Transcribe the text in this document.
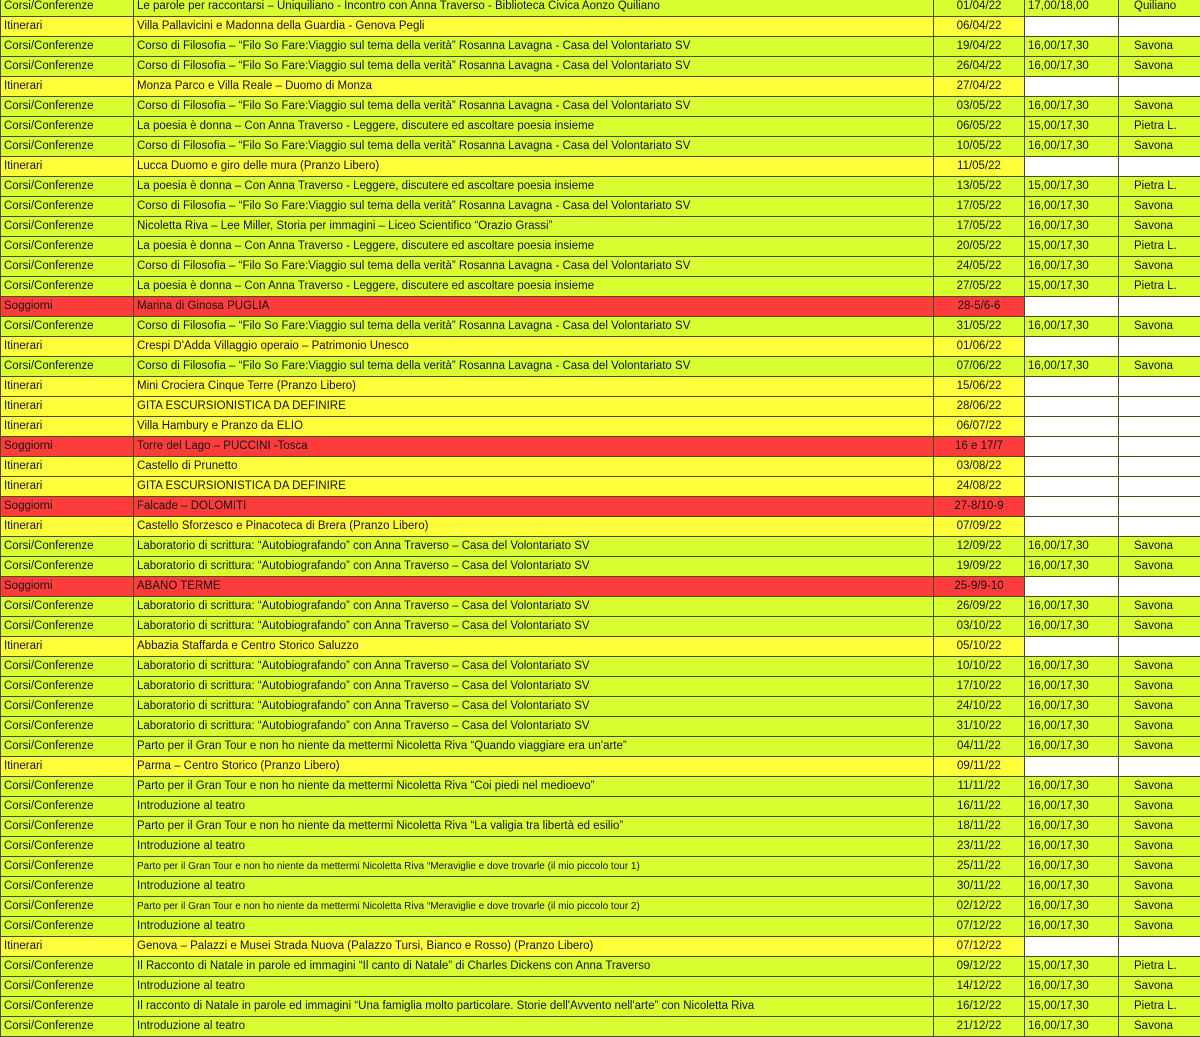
Corsi/Conferenze	Le parole per raccontarsi – Uniquiliano - Incontro con Anna Traverso - Biblioteca Civica Aonzo Quiliano	01/04/22	17,00/18,00	Quiliano
Itinerari	Villa Pallavicini e Madonna della Guardia - Genova Pegli	06/04/22		
Corsi/Conferenze	Corso di Filosofia – “Filo So Fare:Viaggio sul tema della verità” Rosanna Lavagna - Casa del Volontariato SV	19/04/22	16,00/17,30	Savona
Corsi/Conferenze	Corso di Filosofia – “Filo So Fare:Viaggio sul tema della verità” Rosanna Lavagna - Casa del Volontariato SV	26/04/22	16,00/17,30	Savona
Itinerari	Monza Parco e Villa Reale – Duomo di Monza	27/04/22		
Corsi/Conferenze	Corso di Filosofia – “Filo So Fare:Viaggio sul tema della verità” Rosanna Lavagna - Casa del Volontariato SV	03/05/22	16,00/17,30	Savona
Corsi/Conferenze	La poesia è donna – Con Anna Traverso - Leggere, discutere ed ascoltare poesia insieme	06/05/22	15,00/17,30	Pietra L.
Corsi/Conferenze	Corso di Filosofia – “Filo So Fare:Viaggio sul tema della verità” Rosanna Lavagna - Casa del Volontariato SV	10/05/22	16,00/17,30	Savona
Itinerari	Lucca Duomo e giro delle mura (Pranzo Libero)	11/05/22		
Corsi/Conferenze	La poesia è donna – Con Anna Traverso - Leggere, discutere ed ascoltare poesia insieme	13/05/22	15,00/17,30	Pietra L.
Corsi/Conferenze	Corso di Filosofia – “Filo So Fare:Viaggio sul tema della verità” Rosanna Lavagna - Casa del Volontariato SV	17/05/22	16,00/17,30	Savona
Corsi/Conferenze	Nicoletta Riva – Lee Miller, Storia per immagini – Liceo Scientifico “Orazio Grassi”	17/05/22	16,00/17,30	Savona
Corsi/Conferenze	La poesia è donna – Con Anna Traverso - Leggere, discutere ed ascoltare poesia insieme	20/05/22	15,00/17,30	Pietra L.
Corsi/Conferenze	Corso di Filosofia – “Filo So Fare:Viaggio sul tema della verità” Rosanna Lavagna - Casa del Volontariato SV	24/05/22	16,00/17,30	Savona
Corsi/Conferenze	La poesia è donna – Con Anna Traverso - Leggere, discutere ed ascoltare poesia insieme	27/05/22	15,00/17,30	Pietra L.
Soggiorni	Marina di Ginosa PUGLIA	28-5/6-6		
Corsi/Conferenze	Corso di Filosofia – “Filo So Fare:Viaggio sul tema della verità” Rosanna Lavagna - Casa del Volontariato SV	31/05/22	16,00/17,30	Savona
Itinerari	Crespi D'Adda Villaggio operaio – Patrimonio Unesco	01/06/22		
Corsi/Conferenze	Corso di Filosofia – “Filo So Fare:Viaggio sul tema della verità” Rosanna Lavagna - Casa del Volontariato SV	07/06/22	16,00/17,30	Savona
Itinerari	Mini Crociera Cinque Terre (Pranzo Libero)	15/06/22		
Itinerari	GITA ESCURSIONISTICA DA DEFINIRE	28/06/22		
Itinerari	Villa Hambury e Pranzo da ELIO	06/07/22		
Soggiorni	Torre del Lago – PUCCINI -Tosca	16 e 17/7		
Itinerari	Castello di Prunetto	03/08/22		
Itinerari	GITA ESCURSIONISTICA DA DEFINIRE	24/08/22		
Soggiorni	Falcade – DOLOMITI	27-8/10-9		
Itinerari	Castello Sforzesco e Pinacoteca di Brera (Pranzo Libero)	07/09/22		
Corsi/Conferenze	Laboratorio di scrittura: “Autobiografando” con Anna Traverso – Casa del Volontariato SV	12/09/22	16,00/17,30	Savona
Corsi/Conferenze	Laboratorio di scrittura: “Autobiografando” con Anna Traverso – Casa del Volontariato SV	19/09/22	16,00/17,30	Savona
Soggiorni	ABANO TERME	25-9/9-10		
Corsi/Conferenze	Laboratorio di scrittura: “Autobiografando” con Anna Traverso – Casa del Volontariato SV	26/09/22	16,00/17,30	Savona
Corsi/Conferenze	Laboratorio di scrittura: “Autobiografando” con Anna Traverso – Casa del Volontariato SV	03/10/22	16,00/17,30	Savona
Itinerari	Abbazia Staffarda e Centro Storico Saluzzo	05/10/22		
Corsi/Conferenze	Laboratorio di scrittura: “Autobiografando” con Anna Traverso – Casa del Volontariato SV	10/10/22	16,00/17,30	Savona
Corsi/Conferenze	Laboratorio di scrittura: “Autobiografando” con Anna Traverso – Casa del Volontariato SV	17/10/22	16,00/17,30	Savona
Corsi/Conferenze	Laboratorio di scrittura: “Autobiografando” con Anna Traverso – Casa del Volontariato SV	24/10/22	16,00/17,30	Savona
Corsi/Conferenze	Laboratorio di scrittura: “Autobiografando” con Anna Traverso – Casa del Volontariato SV	31/10/22	16,00/17,30	Savona
Corsi/Conferenze	Parto per il Gran Tour e non ho niente da mettermi Nicoletta Riva “Quando viaggiare era un'arte”	04/11/22	16,00/17,30	Savona
Itinerari	Parma – Centro Storico (Pranzo Libero)	09/11/22		
Corsi/Conferenze	Parto per il Gran Tour e non ho niente da mettermi Nicoletta Riva “Coi piedi nel medioevo”	11/11/22	16,00/17,30	Savona
Corsi/Conferenze	Introduzione al teatro	16/11/22	16,00/17,30	Savona
Corsi/Conferenze	Parto per il Gran Tour e non ho niente da mettermi Nicoletta Riva “La valigia tra libertà ed esilio”	18/11/22	16,00/17,30	Savona
Corsi/Conferenze	Introduzione al teatro	23/11/22	16,00/17,30	Savona
Corsi/Conferenze	Parto per il Gran Tour e non ho niente da mettermi Nicoletta Riva “Meraviglie e dove trovarle (il mio piccolo tour 1)	25/11/22	16,00/17,30	Savona
Corsi/Conferenze	Introduzione al teatro	30/11/22	16,00/17,30	Savona
Corsi/Conferenze	Parto per il Gran Tour e non ho niente da mettermi Nicoletta Riva “Meraviglie e dove trovarle (il mio piccolo tour 2)	02/12/22	16,00/17,30	Savona
Corsi/Conferenze	Introduzione al teatro	07/12/22	16,00/17,30	Savona
Itinerari	Genova – Palazzi e Musei Strada Nuova (Palazzo Tursi, Bianco e Rosso) (Pranzo Libero)	07/12/22		
Corsi/Conferenze	Il Racconto di Natale in parole ed immagini “Il canto di Natale” di Charles Dickens con Anna Traverso	09/12/22	15,00/17,30	Pietra L.
Corsi/Conferenze	Introduzione al teatro	14/12/22	16,00/17,30	Savona
Corsi/Conferenze	Il racconto di Natale in parole ed immagini “Una famiglia molto particolare. Storie dell'Avvento nell'arte” con Nicoletta Riva	16/12/22	15,00/17,30	Pietra L.
Corsi/Conferenze	Introduzione al teatro	21/12/22	16,00/17,30	Savona
